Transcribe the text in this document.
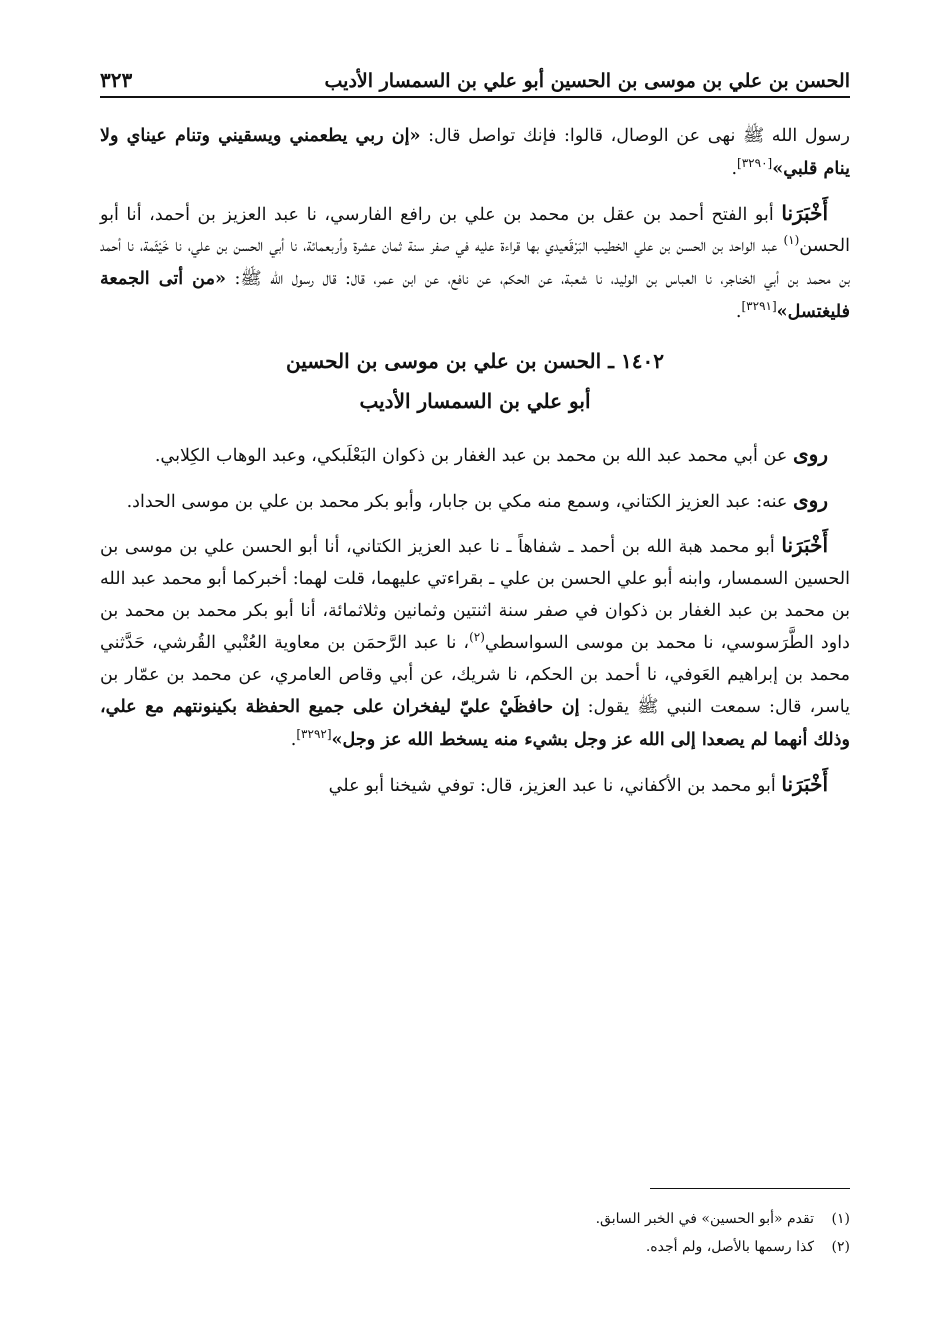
الحسن بن علي بن موسى بن الحسين أبو علي بن السمسار الأديب
٣٢٣

رسول الله ﷺ نهى عن الوصال، قالوا: فإنك تواصل قال: «إن ربي يطعمني ويسقيني وتنام عيناي ولا ينام قلبي»[٣٢٩٠].

أَخْبَرَنا أبو الفتح أحمد بن عقل بن محمد بن علي بن رافع الفارسي، نا عبد العزيز بن أحمد، أنا أبو الحسن$^{(١)}$ عبد الواحد بن الحسن بن علي الخطيب البَرْقَعيدي بها قراءة عليه في صفر سنة ثمان عشرة وأربعمائة، نا أبي الحسن بن علي، نا خَيْثَمة، نا أحمد بن محمد بن أبي الخناجر، نا العباس بن الوليد، نا شعبة، عن الحكم، عن نافع، عن ابن عمر، قال: قال رسول الله ﷺ: «من أتى الجمعة فليغتسل»[٣٢٩١].

١٤٠٢ ـ الحسن بن علي بن موسى بن الحسين
أبو علي بن السمسار الأديب

روى عن أبي محمد عبد الله بن محمد بن عبد الغفار بن ذكوان البَعْلَبكي، وعبد الوهاب الكِلابي.

روى عنه: عبد العزيز الكتاني، وسمع منه مكي بن جابار، وأبو بكر محمد بن علي بن موسى الحداد.

أَخْبَرَنا أبو محمد هبة الله بن أحمد ـ شفاهاً ـ نا عبد العزيز الكتاني، أنا أبو الحسن علي بن موسى بن الحسين السمسار، وابنه أبو علي الحسن بن علي ـ بقراءتي عليهما، قلت لهما: أخبركما أبو محمد عبد الله بن محمد بن عبد الغفار بن ذكوان في صفر سنة اثنتين وثمانين وثلاثمائة، أنا أبو بكر محمد بن محمد بن داود الطَّرَسوسي، نا محمد بن موسى السواسطي$^{(٢)}$، نا عبد الرَّحمَن بن معاوية العُتْبي القُرشي، حَدَّثني محمد بن إبراهيم العَوفي، نا أحمد بن الحكم، نا شريك، عن أبي وقاص العامري، عن محمد بن عمّار بن ياسر، قال: سمعت النبي ﷺ يقول: إن حافظَيْ عليّ ليفخران على جميع الحفظة بكينونتهم مع علي، وذلك أنهما لم يصعدا إلى الله عز وجل بشيء منه يسخط الله عز وجل»[٣٢٩٢].

أَخْبَرَنا أبو محمد بن الأكفاني، نا عبد العزيز، قال: توفي شيخنا أبو علي

(١)تقدم «أبو الحسين» في الخبر السابق.
(٢)كذا رسمها بالأصل، ولم أجده.
